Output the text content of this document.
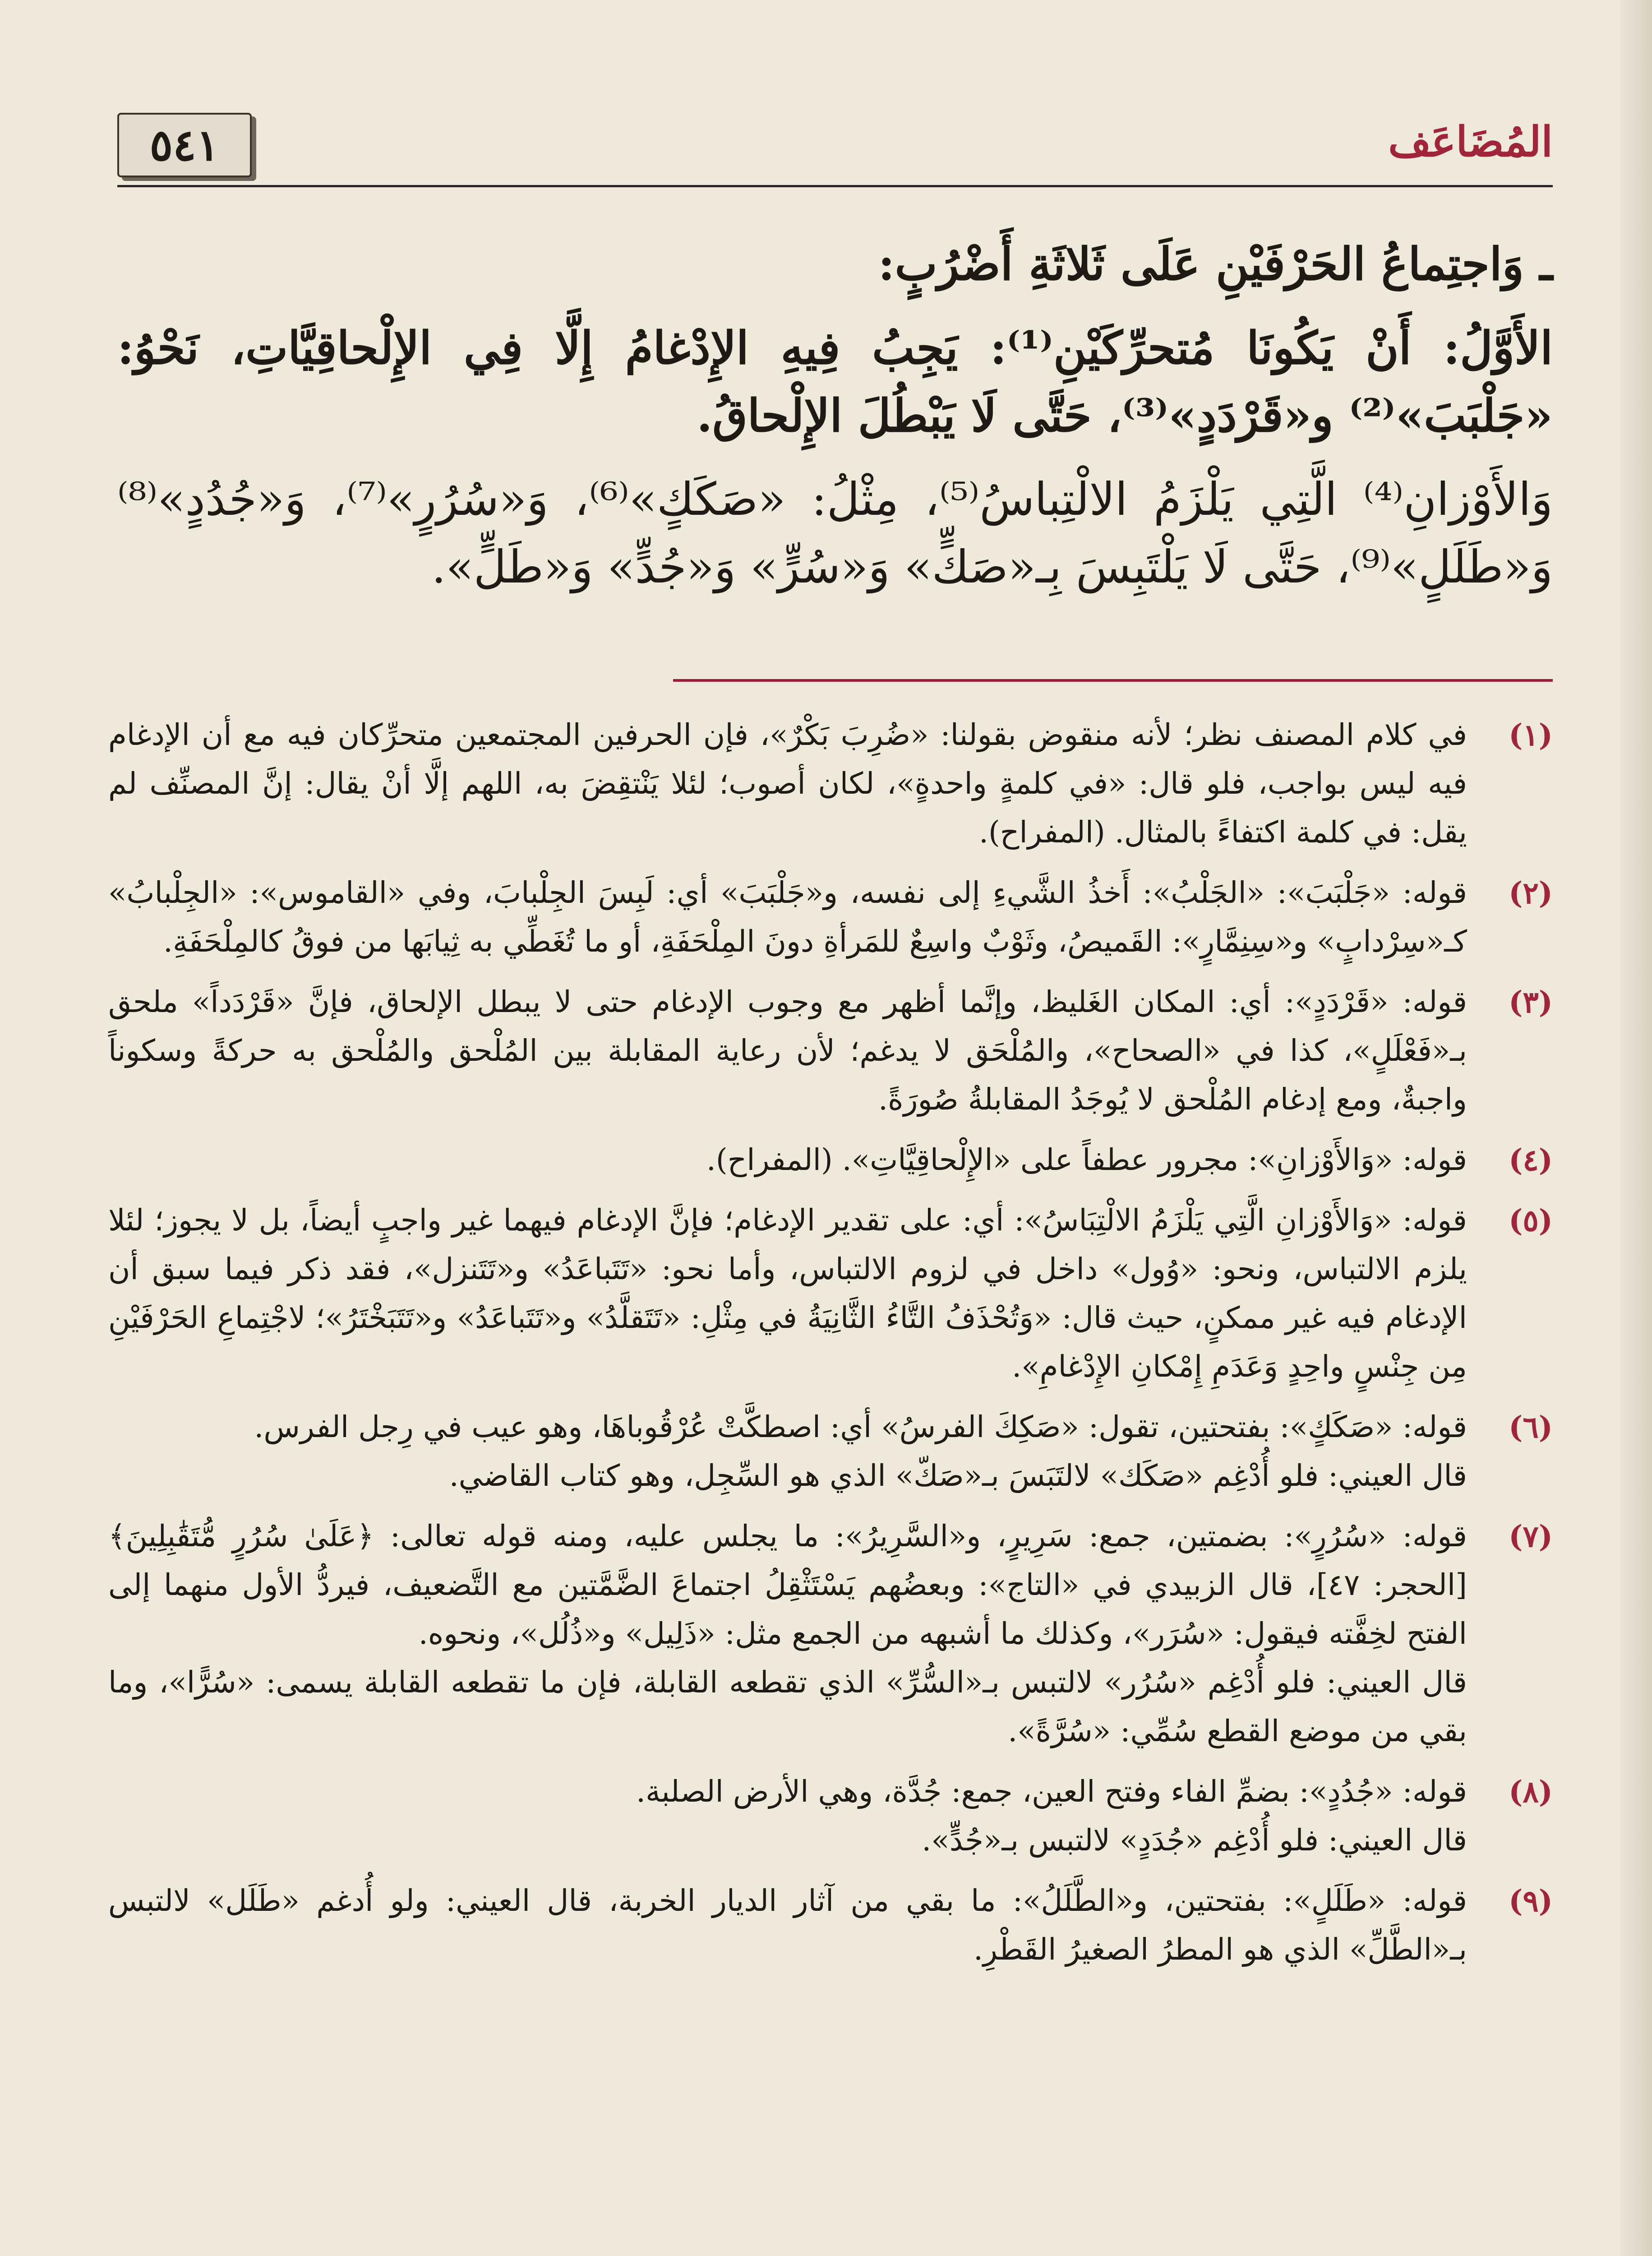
المُضَاعَف
٥٤١

ـ وَاجتِماعُ الحَرْفَيْنِ عَلَى ثَلاثَةِ أَضْرُبٍ:

الأَوَّلُ: أَنْ يَكُونَا مُتحرِّكَيْنِ⁽¹⁾: يَجِبُ فِيهِ الإِدْغامُ إِلَّا فِي الإِلْحاقِيَّاتِ، نَحْوُ: «جَلْبَبَ»⁽²⁾ و«قَرْدَدٍ»⁽³⁾، حَتَّى لَا يَبْطُلَ الإِلْحاقُ.

وَالأَوْزانِ⁽⁴⁾ الَّتِي يَلْزَمُ الالْتِباسُ⁽⁵⁾، مِثْلُ: «صَكَكٍ»⁽⁶⁾، وَ«سُرُرٍ»⁽⁷⁾، وَ«جُدُدٍ»⁽⁸⁾ وَ«طَلَلٍ»⁽⁹⁾، حَتَّى لَا يَلْتَبِسَ بِـ«صَكٍّ» وَ«سُرٍّ» وَ«جُدٍّ» وَ«طَلٍّ».

(١)
في كلام المصنف نظر؛ لأنه منقوض بقولنا: «ضُرِبَ بَكْرٌ»، فإن الحرفين المجتمعين متحرِّكان فيه مع أن الإدغام فيه ليس بواجب، فلو قال: «في كلمةٍ واحدةٍ»، لكان أصوب؛ لئلا يَنْتقِضَ به، اللهم إلَّا أنْ يقال: إنَّ المصنِّف لم يقل: في كلمة اكتفاءً بالمثال. (المفراح).
(٢)
قوله: «جَلْبَبَ»: «الجَلْبُ»: أَخذُ الشَّيءِ إلى نفسه، و«جَلْبَبَ» أي: لَبِسَ الجِلْبابَ، وفي «القاموس»: «الجِلْبابُ» كـ«سِرْدابٍ» و«سِنِمَّارٍ»: القَميصُ، وثَوْبٌ واسِعٌ للمَرأةِ دونَ المِلْحَفَةِ، أو ما تُغَطِّي به ثِيابَها من فوقُ كالمِلْحَفَةِ.
(٣)
قوله: «قَرْدَدٍ»: أي: المكان الغَليظ، وإنَّما أظهر مع وجوب الإدغام حتى لا يبطل الإلحاق، فإنَّ «قَرْدَداً» ملحق بـ«فَعْلَلٍ»، كذا في «الصحاح»، والمُلْحَق لا يدغم؛ لأن رعاية المقابلة بين المُلْحق والمُلْحق به حركةً وسكوناً واجبةٌ، ومع إدغام المُلْحق لا يُوجَدُ المقابلةُ صُورَةً.
(٤)
قوله: «وَالأَوْزانِ»: مجرور عطفاً على «الإِلْحاقِيَّاتِ». (المفراح).
(٥)
قوله: «وَالأَوْزانِ الَّتِي يَلْزَمُ الالْتِبَاسُ»: أي: على تقدير الإدغام؛ فإنَّ الإدغام فيهما غير واجبٍ أيضاً، بل لا يجوز؛ لئلا يلزم الالتباس، ونحو: «وُول» داخل في لزوم الالتباس، وأما نحو: «تَتَباعَدُ» و«تَتَنزل»، فقد ذكر فيما سبق أن الإدغام فيه غير ممكنٍ، حيث قال: «وَتُحْذَفُ التَّاءُ الثَّانِيَةُ في مِثْلِ: «تَتَقلَّدُ» و«تَتَباعَدُ» و«تَتَبَخْتَرُ»؛ لاجْتِماعِ الحَرْفَيْنِ مِن جِنْسٍ واحِدٍ وَعَدَمِ إِمْكانِ الإِدْغامِ».
(٦)
قوله: «صَكَكٍ»: بفتحتين، تقول: «صَكِكَ الفرسُ» أي: اصطكَّتْ عُرْقُوباهَا، وهو عيب في رِجل الفرس.
قال العيني: فلو أُدْغِم «صَكَك» لالتَبَسَ بـ«صَكّ» الذي هو السِّجِل، وهو كتاب القاضي.
(٧)
قوله: «سُرُرٍ»: بضمتين، جمع: سَرِيرٍ، و«السَّرِيرُ»: ما يجلس عليه، ومنه قوله تعالى: ﴿عَلَىٰ سُرُرٍ مُّتَقَٰبِلِينَ﴾ [الحجر: ٤٧]، قال الزبيدي في «التاج»: وبعضُهم يَسْتَثْقِلُ اجتماعَ الضَّمَّتين مع التَّضعيف، فيردُّ الأول منهما إلى الفتح لخِفَّته فيقول: «سُرَر»، وكذلك ما أشبهه من الجمع مثل: «ذَلِيل» و«ذُلُل»، ونحوه.
قال العيني: فلو أُدْغِم «سُرُر» لالتبس بـ«السُّرِّ» الذي تقطعه القابلة، فإن ما تقطعه القابلة يسمى: «سُرًّا»، وما بقي من موضع القطع سُمِّي: «سُرَّةً».
(٨)
قوله: «جُدُدٍ»: بضمِّ الفاء وفتح العين، جمع: جُدَّة، وهي الأرض الصلبة.
قال العيني: فلو أُدْغِم «جُدَدٍ» لالتبس بـ«جُدٍّ».
(٩)
قوله: «طَلَلٍ»: بفتحتين، و«الطَّلَلُ»: ما بقي من آثار الديار الخربة، قال العيني: ولو أُدغم «طَلَل» لالتبس بـ«الطَّلِّ» الذي هو المطرُ الصغيرُ القَطْرِ.
